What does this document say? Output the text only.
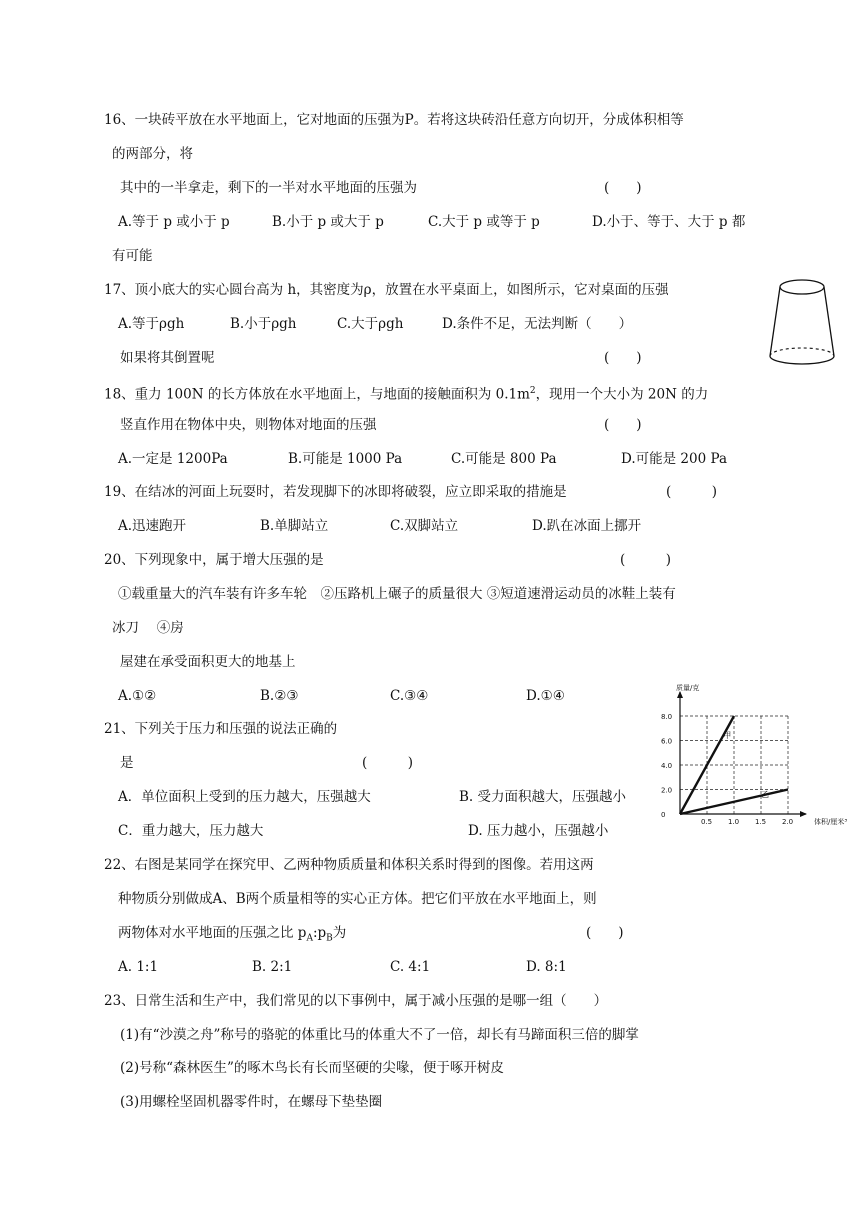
16、一块砖平放在水平地面上，它对地面的压强为P。若将这块砖沿任意方向切开，分成体积相等
的两部分，将
其中的一半拿走，剩下的一半对水平地面的压强为	(　　)
A.等于 p 或小于 p	B.小于 p 或大于 p	C.大于 p 或等于 p	D.小于、等于、大于 p 都
有可能
17、顶小底大的实心圆台高为 h，其密度为ρ，放置在水平桌面上，如图所示，它对桌面的压强
A.等于ρgh	B.小于ρgh	C.大于ρgh	D.条件不足，无法判断（　　）
如果将其倒置呢	(　　)
18、重力 100N 的长方体放在水平地面上，与地面的接触面积为 $0.1m^2$，现用一个大小为 20N 的力
竖直作用在物体中央，则物体对地面的压强	(　　)
A.一定是 1200Pa	B.可能是 1000 Pa	C.可能是 800 Pa	D.可能是 200 Pa
19、在结冰的河面上玩耍时，若发现脚下的冰即将破裂，应立即采取的措施是	(　　　)
A.迅速跑开	B.单脚站立	C.双脚站立	D.趴在冰面上挪开
20、下列现象中，属于增大压强的是	(　　　)
①载重量大的汽车装有许多车轮　②压路机上碾子的质量很大 ③短道速滑运动员的冰鞋上装有
冰刀　 ④房
屋建在承受面积更大的地基上
A.①②	B.②③	C.③④	D.①④
21、下列关于压力和压强的说法正确的
是	(　　　)
A．单位面积上受到的压力越大，压强越大	B. 受力面积越大，压强越小
C．重力越大，压力越大	D. 压力越小，压强越小
质量/克
体积/厘米³
0.5 1.0 1.5 2.0
0
2.0
4.0
6.0
8.0
甲
乙
22、右图是某同学在探究甲、乙两种物质质量和体积关系时得到的图像。若用这两
种物质分别做成A、B两个质量相等的实心正方体。把它们平放在水平地面上，则
两物体对水平地面的压强之比 $p_A:p_B$为	(　　)
A. 1:1	B. 2:1	C. 4:1	D. 8:1
23、日常生活和生产中，我们常见的以下事例中，属于减小压强的是哪一组（　　）
(1)有“沙漠之舟”称号的骆驼的体重比马的体重大不了一倍，却长有马蹄面积三倍的脚掌
(2)号称“森林医生”的啄木鸟长有长而坚硬的尖喙，便于啄开树皮
(3)用螺栓坚固机器零件时，在螺母下垫垫圈
